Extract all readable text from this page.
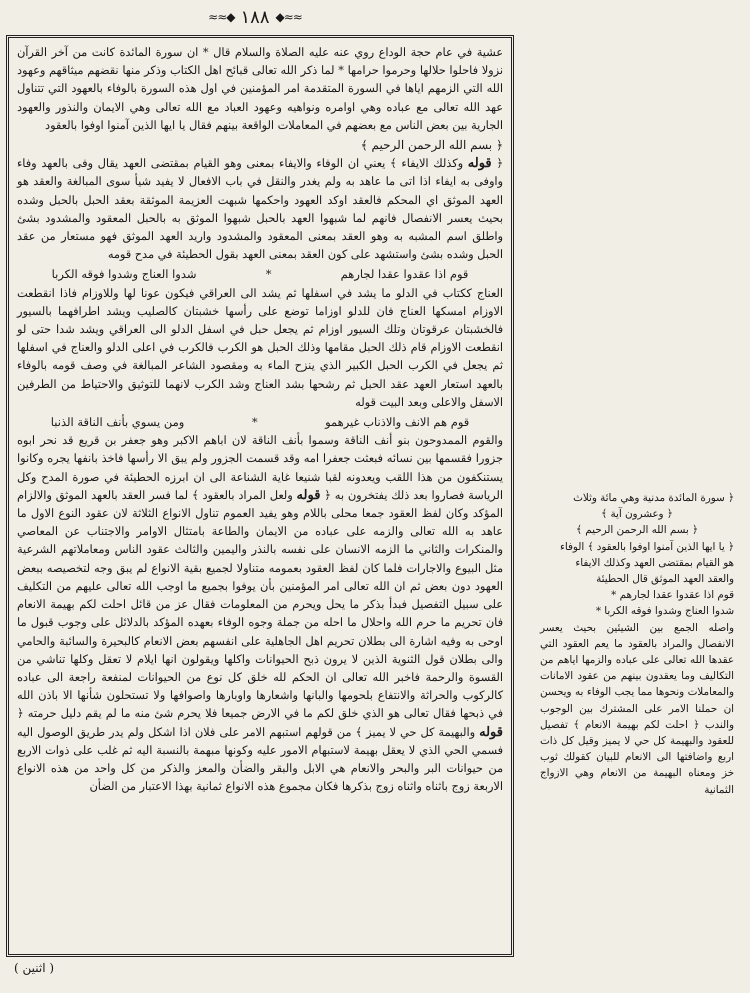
≈≈◆ ١٨٨ ◆≈≈

عشية في عام حجة الوداع روي عنه عليه الصلاة والسلام قال * ان سورة المائدة كانت من آخر القرآن نزولا فاحلوا حلالها وحرموا حرامها * لما ذكر الله تعالى قبائح اهل الكتاب وذكر منها نقضهم ميثاقهم وعهود الله التي الزمهم اياها في السورة المتقدمة امر المؤمنين في اول هذه السورة بالوفاء بالعهود التي تتناول عهد الله تعالى مع عباده وهي اوامره ونواهيه وعهود العباد مع الله تعالى وهي الايمان والنذور والعهود الجارية بين بعض الناس مع بعضهم في المعاملات الواقعة بينهم فقال يا ايها الذين آمنوا اوفوا بالعقود

﴿ بسم الله الرحمن الرحيم ﴾

﴿ قوله وكذلك الايفاء ﴾ يعني ان الوفاء والايفاء بمعنى وهو القيام بمقتضى العهد يقال وفى بالعهد وفاء واوفى به ايفاء اذا اتى ما عاهد به ولم يغدر والنقل في باب الافعال لا يفيد شيأ سوى المبالغة والعقد هو العهد الموثق اي المحكم فالعقد اوكد العهود واحكمها شبهت العزيمة الموثقة بعقد الحبل بالحبل وشده بحيث يعسر الانفصال فانهم لما شبهوا العهد بالحبل شبهوا الموثق به بالحبل المعقود والمشدود بشئ واطلق اسم المشبه به وهو العقد بمعنى المعقود والمشدود واريد العهد الموثق فهو مستعار من عقد الحبل وشده بشئ واستشهد على كون العقد بمعنى العهد بقول الحطيئة في مدح قومه

قوم اذا عقدوا عقدا لجارهم
*
شدوا العناج وشدوا فوقه الكربا

العناج ككتاب في الدلو ما يشد في اسفلها ثم يشد الى العراقي فيكون عونا لها وللاوزام فاذا انقطعت الاوزام امسكها العناج فان للدلو اوزاما توضع على رأسها خشبتان كالصليب ويشد اطرافهما بالسيور فالخشبتان عرقوتان وتلك السيور اوزام ثم يجعل حبل في اسفل الدلو الى العراقي ويشد شدا حتى لو انقطعت الاوزام قام ذلك الحبل مقامها وذلك الحبل هو الكرب فالكرب في اعلى الدلو والعناج في اسفلها ثم يجعل في الكرب الحبل الكبير الذي ينزح الماء به ومقصود الشاعر المبالغة في وصف قومه بالوفاء بالعهد استعار العهد عقد الحبل ثم رشحها بشد العناج وشد الكرب لانهما للتوثيق والاحتياط من الطرفين الاسفل والاعلى وبعد البيت قوله

قوم هم الانف والاذناب غيرهمو
*
ومن يسوي بأنف الناقة الذنبا

والقوم الممدوحون بنو أنف الناقة وسموا بأنف الناقة لان اباهم الاكبر وهو جعفر بن قريع قد نحر ابوه جزورا فقسمها بين نسائه فبعثت جعفرا امه وقد قسمت الجزور ولم يبق الا رأسها فاخذ بانفها يجره وكانوا يستنكفون من هذا اللقب ويعدونه لقبا شنيعا غاية الشناعة الى ان ابرزه الحطيئة في صورة المدح وكل الرياسة فصاروا بعد ذلك يفتخرون به ﴿ قوله ولعل المراد بالعقود ﴾ لما فسر العقد بالعهد الموثق والالزام المؤكد وكان لفظ العقود جمعا محلى باللام وهو يفيد العموم تناول الانواع الثلاثة لان عقود النوع الاول ما عاهد به الله تعالى والزمه على عباده من الايمان والطاعة بامتثال الاوامر والاجتناب عن المعاصي والمنكرات والثاني ما الزمه الانسان على نفسه بالنذر واليمين والثالث عقود الناس ومعاملاتهم الشرعية مثل البيوع والاجارات فلما كان لفظ العقود بعمومه متناولا لجميع بقية الانواع لم يبق وجه لتخصيصه ببعض العهود دون بعض ثم ان الله تعالى امر المؤمنين بأن يوفوا بجميع ما اوجب الله تعالى عليهم من التكليف على سبيل التفصيل فبدأ بذكر ما يحل ويحرم من المعلومات فقال عز من قائل احلت لكم بهيمة الانعام فان تحريم ما حرم الله واحلال ما احله من جملة وجوه الوفاء بعهده المؤكد بالدلائل على وجوب قبول ما اوحى به وفيه اشارة الى بطلان تحريم اهل الجاهلية على انفسهم بعض الانعام كالبحيرة والسائبة والحامي والى بطلان قول الثنوية الذين لا يرون ذبح الحيوانات واكلها ويقولون انها ايلام لا تعقل وكلها تناشي من القسوة والرحمة فاخبر الله تعالى ان الحكم لله خلق كل نوع من الحيوانات لمنفعة راجعة الى عباده كالركوب والحراثة والانتفاع بلحومها والبانها واشعارها واوبارها واصوافها ولا تستحلون شأنها الا باذن الله في ذبحها فقال تعالى هو الذي خلق لكم ما في الارض جميعا فلا يحرم شئ منه ما لم يقم دليل حرمته ﴿ قوله والبهيمة كل حي لا يميز ﴾ من قولهم استبهم الامر على فلان اذا اشكل ولم يدر طريق الوصول اليه فسمي الحي الذي لا يعقل بهيمة لاستبهام الامور عليه وكونها مبهمة بالنسبة اليه ثم غلب على ذوات الاربع من حيوانات البر والبحر والانعام هي الابل والبقر والضأن والمعز والذكر من كل واحد من هذه الانواع الاربعة زوج باثناه واثناه زوج بذكرها فكان مجموع هذه الانواع ثمانية بهذا الاعتبار من الضأن

﴿ سورة المائدة مدنية وهي مائة وثلاث

﴿ وعشرون آية ﴾

﴿ بسم الله الرحمن الرحيم ﴾

﴿ يا ايها الذين آمنوا اوفوا بالعقود ﴾ الوفاء

هو القيام بمقتضى العهد وكذلك الايفاء

والعقد العهد الموثق قال الحطيئة

قوم اذا عقدوا عقدا لجارهم *

شدوا العناج وشدوا فوقه الكربا *

واصله الجمع بين الشيئين بحيث يعسر الانفصال والمراد بالعقود ما يعم العقود التي عقدها الله تعالى على عباده والزمها اياهم من التكاليف وما يعقدون بينهم من عقود الامانات والمعاملات ونحوها مما يجب الوفاء به ويحسن ان حملنا الامر على المشترك بين الوجوب والندب ﴿ احلت لكم بهيمة الانعام ﴾ تفصيل للعقود والبهيمة كل حي لا يميز وقيل كل ذات اربع واضافتها الى الانعام للبيان كقولك ثوب خز ومعناه البهيمة من الانعام وهي الازواج الثمانية

( اثنين )
